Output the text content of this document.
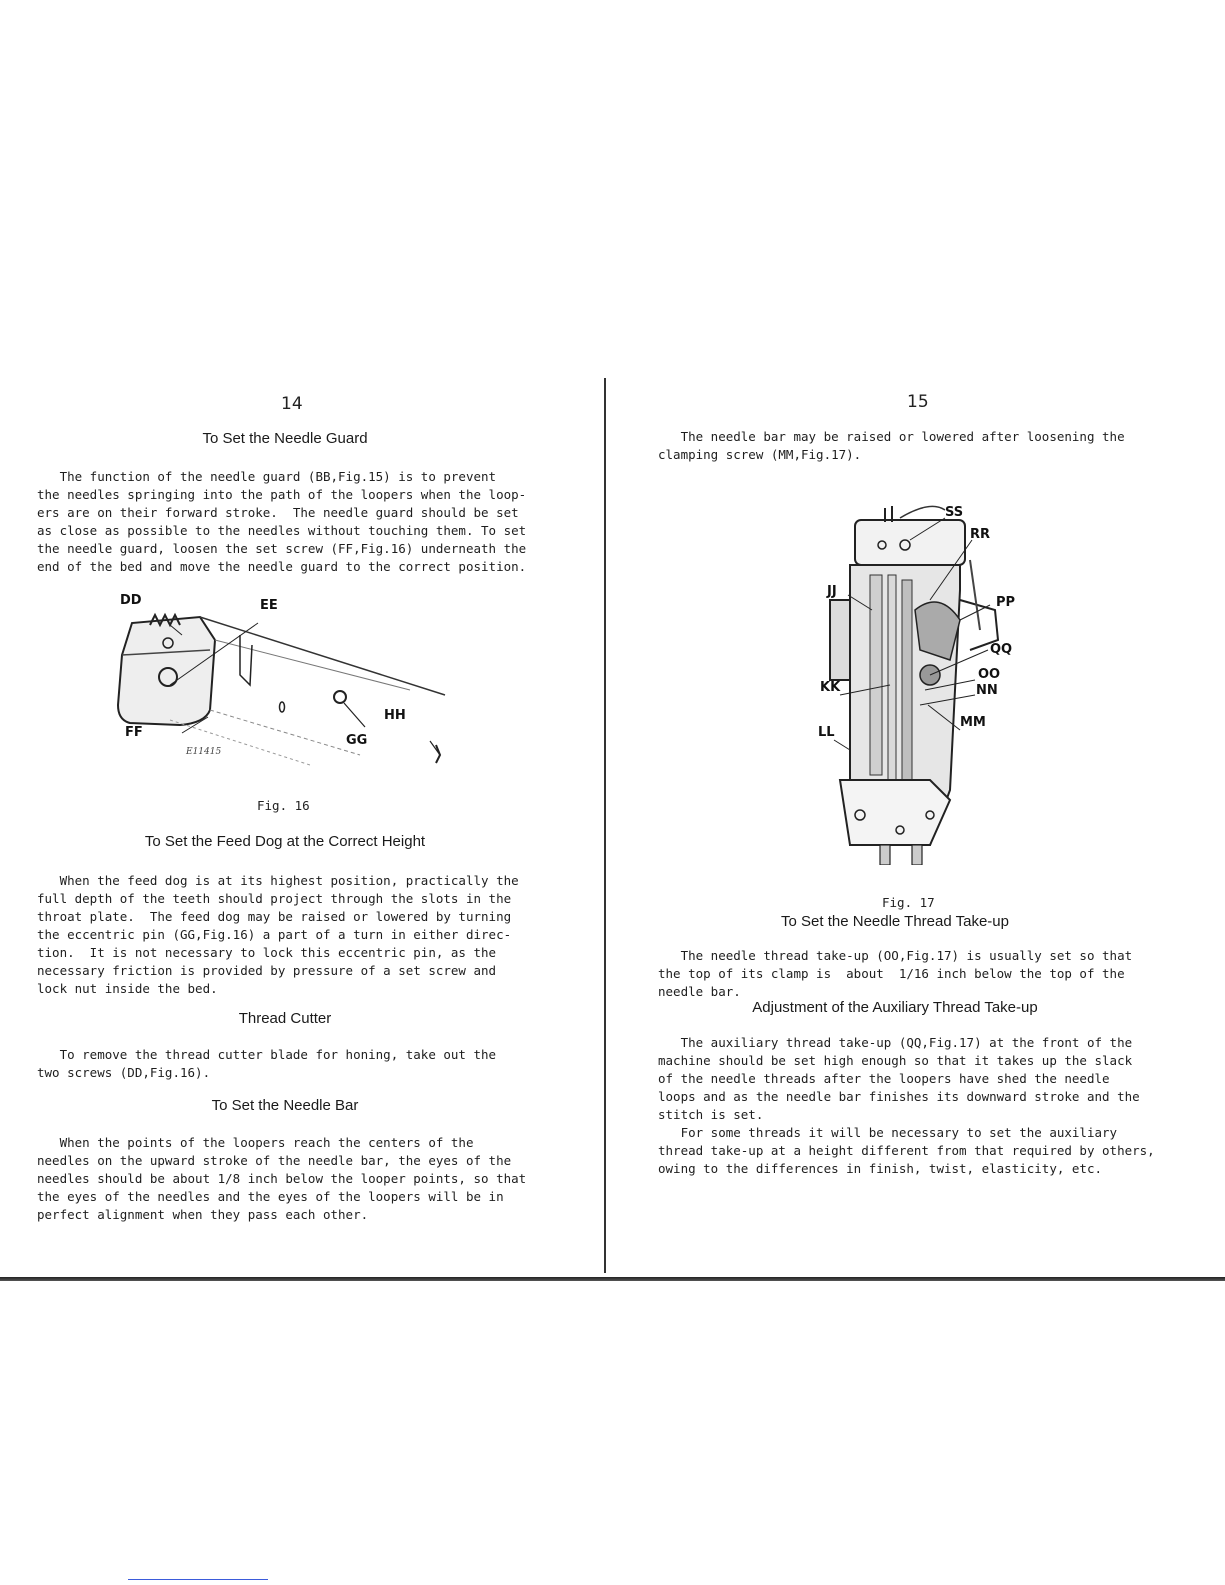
14
To Set the Needle Guard
The function of the needle guard (BB,Fig.15) is to prevent
the needles springing into the path of the loopers when the loop-
ers are on their forward stroke.  The needle guard should be set
as close as possible to the needles without touching them. To set
the needle guard, loosen the set screw (FF,Fig.16) underneath the
end of the bed and move the needle guard to the correct position.
DD	EE
FF
GG
HH
E11415
Fig. 16
To Set the Feed Dog at the Correct Height
When the feed dog is at its highest position, practically the
full depth of the teeth should project through the slots in the
throat plate.  The feed dog may be raised or lowered by turning
the eccentric pin (GG,Fig.16) a part of a turn in either direc-
tion.  It is not necessary to lock this eccentric pin, as the
necessary friction is provided by pressure of a set screw and
lock nut inside the bed.
Thread Cutter
To remove the thread cutter blade for honing, take out the
two screws (DD,Fig.16).
To Set the Needle Bar
When the points of the loopers reach the centers of the
needles on the upward stroke of the needle bar, the eyes of the
needles should be about 1/8 inch below the looper points, so that
the eyes of the needles and the eyes of the loopers will be in
perfect alignment when they pass each other.
15
The needle bar may be raised or lowered after loosening the
clamping screw (MM,Fig.17).
SS
RR
JJ
PP
QQ
OO
NN
KK
MM
LL
Fig. 17
To Set the Needle Thread Take-up
The needle thread take-up (OO,Fig.17) is usually set so that
the top of its clamp is  about  1/16 inch below the top of the
needle bar.
Adjustment of the Auxiliary Thread Take-up
The auxiliary thread take-up (QQ,Fig.17) at the front of the
machine should be set high enough so that it takes up the slack
of the needle threads after the loopers have shed the needle
loops and as the needle bar finishes its downward stroke and the
stitch is set.
For some threads it will be necessary to set the auxiliary
thread take-up at a height different from that required by others,
owing to the differences in finish, twist, elasticity, etc.
